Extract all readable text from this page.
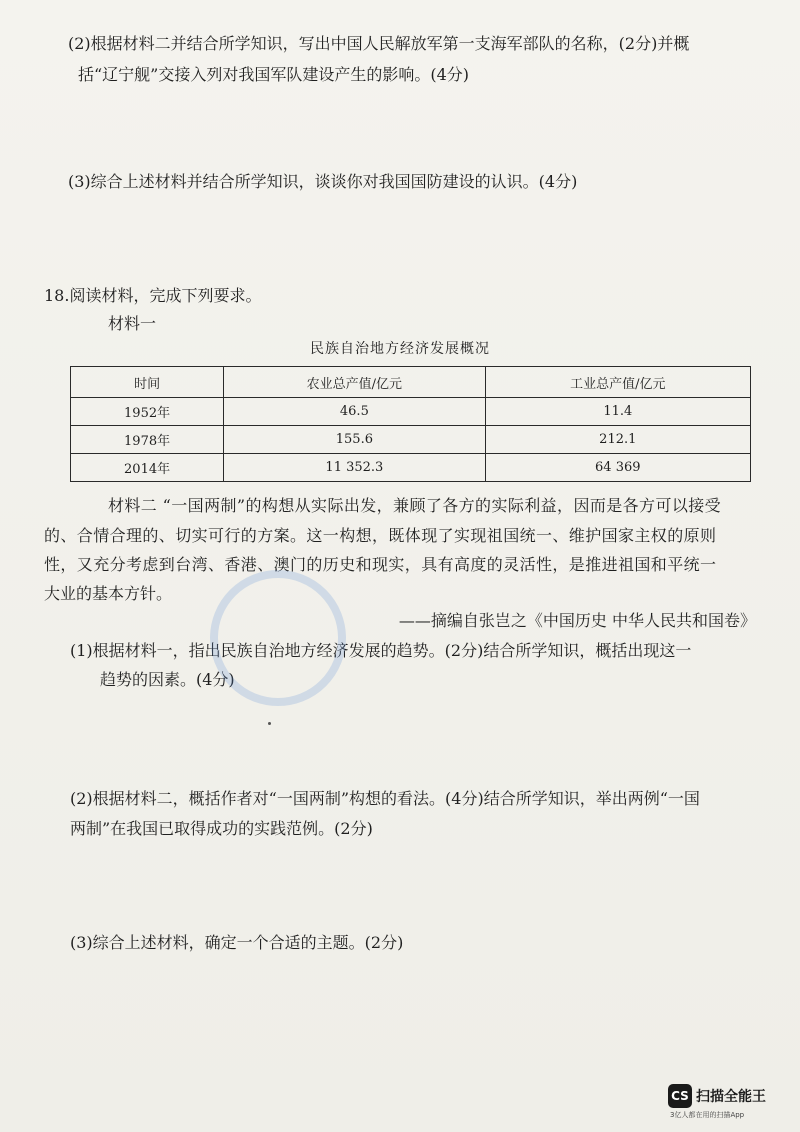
(2)根据材料二并结合所学知识，写出中国人民解放军第一支海军部队的名称，(2分)并概
括“辽宁舰”交接入列对我国军队建设产生的影响。(4分)
(3)综合上述材料并结合所学知识，谈谈你对我国国防建设的认识。(4分)
18.阅读材料，完成下列要求。
材料一
民族自治地方经济发展概况
时间	农业总产值/亿元	工业总产值/亿元
1952年	46.5	11.4
1978年	155.6	212.1
2014年	11 352.3	64 369
材料二 “一国两制”的构想从实际出发，兼顾了各方的实际利益，因而是各方可以接受
的、合情合理的、切实可行的方案。这一构想，既体现了实现祖国统一、维护国家主权的原则
性，又充分考虑到台湾、香港、澳门的历史和现实，具有高度的灵活性，是推进祖国和平统一
大业的基本方针。
——摘编自张岂之《中国历史 中华人民共和国卷》
(1)根据材料一，指出民族自治地方经济发展的趋势。(2分)结合所学知识，概括出现这一
趋势的因素。(4分)
(2)根据材料二，概括作者对“一国两制”构想的看法。(4分)结合所学知识，举出两例“一国
两制”在我国已取得成功的实践范例。(2分)
(3)综合上述材料，确定一个合适的主题。(2分)
CS 扫描全能王
3亿人都在用的扫描App
